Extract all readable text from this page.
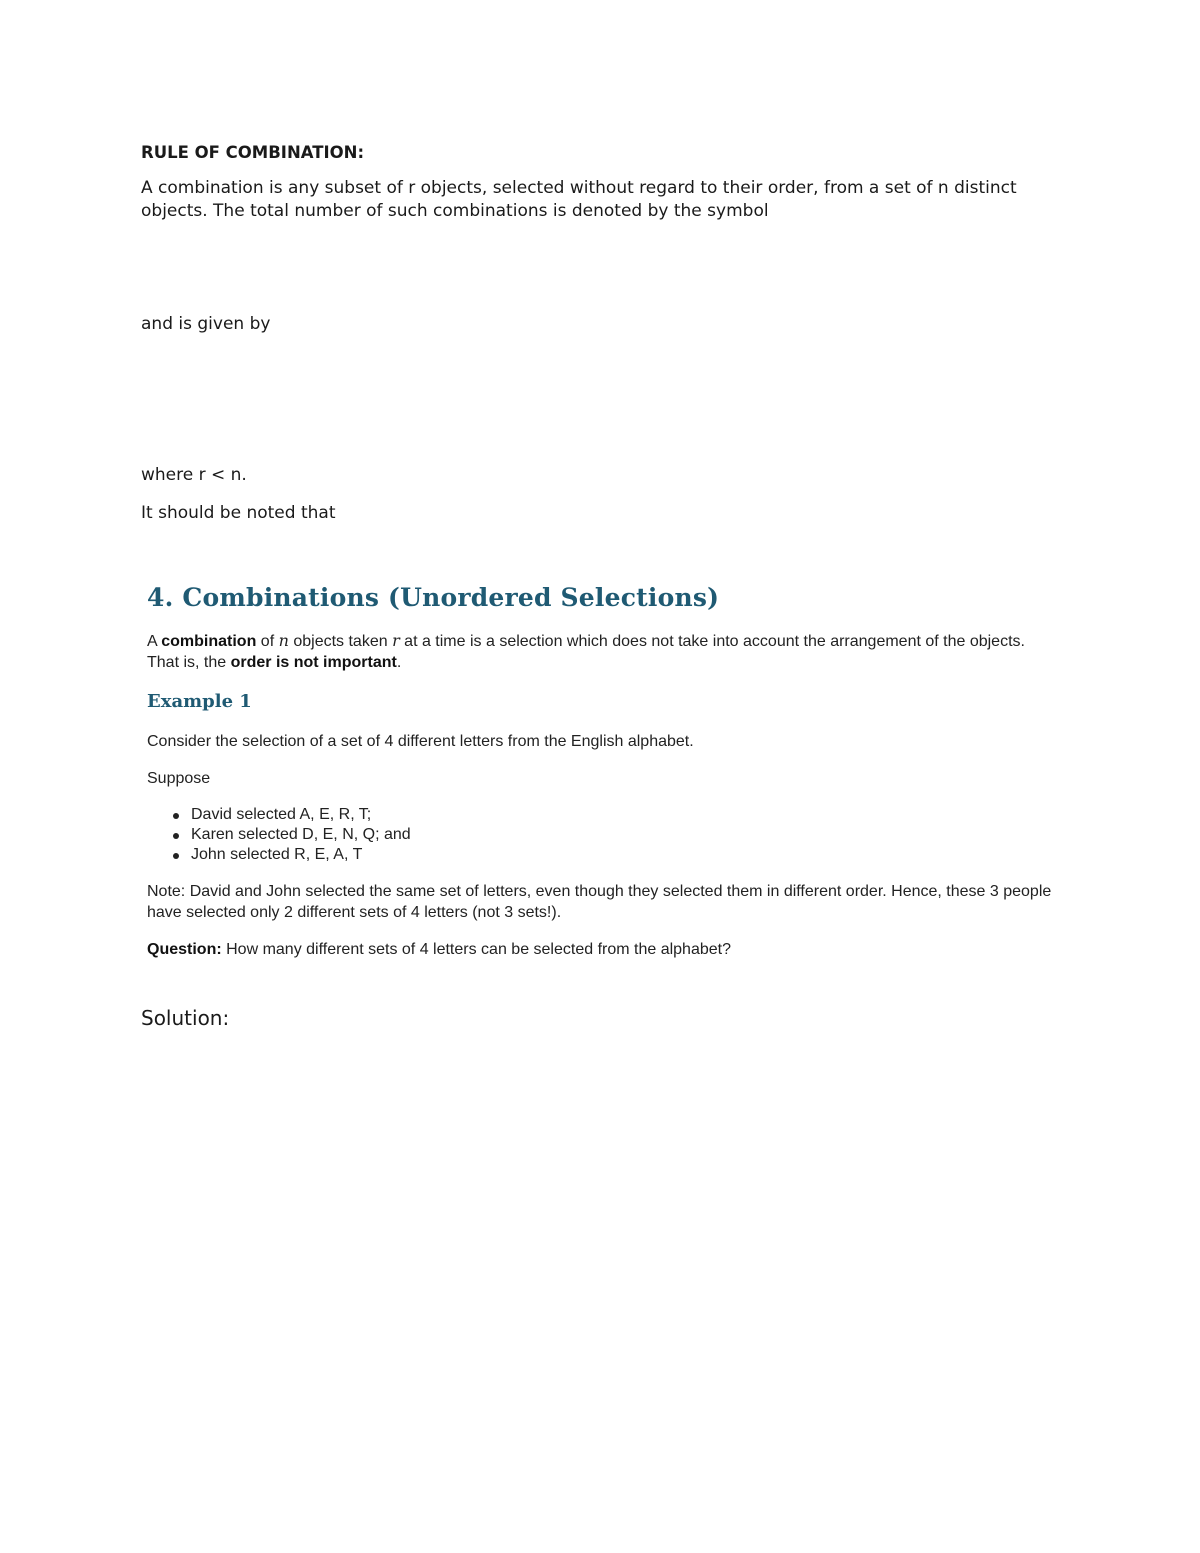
RULE OF COMBINATION:
A combination is any subset of r objects, selected without regard to their order, from a set of n distinct objects. The total number of such combinations is denoted by the symbol
and is given by
where r < n.
It should be noted that
4. Combinations (Unordered Selections)

A combination of n objects taken r at a time is a selection which does not take into account the arrangement of the objects. That is, the order is not important.

Example 1

Consider the selection of a set of 4 different letters from the English alphabet.

Suppose

David selected A, E, R, T;
Karen selected D, E, N, Q; and
John selected R, E, A, T

Note: David and John selected the same set of letters, even though they selected them in different order. Hence, these 3 people have selected only 2 different sets of 4 letters (not 3 sets!).

Question: How many different sets of 4 letters can be selected from the alphabet?

Solution:
